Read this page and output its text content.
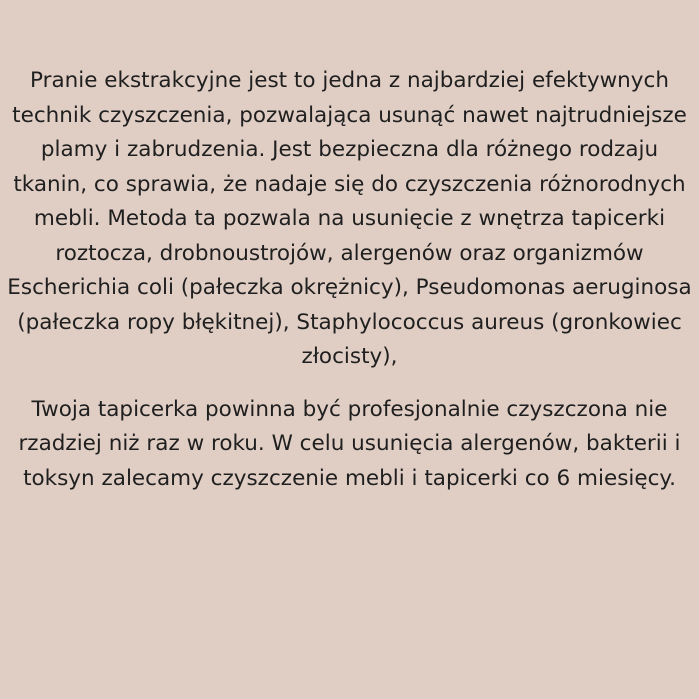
Pranie ekstrakcyjne jest to jedna z najbardziej efektywnych technik czyszczenia, pozwalająca usunąć nawet najtrudniejsze plamy i zabrudzenia. Jest bezpieczna dla różnego rodzaju tkanin, co sprawia, że nadaje się do czyszczenia różnorodnych mebli. Metoda ta pozwala na usunięcie z wnętrza tapicerki roztocza, drobnoustrojów, alergenów oraz organizmów Escherichia coli (pałeczka okrężnicy), Pseudomonas aeruginosa (pałeczka ropy błękitnej), Staphylococcus aureus (gronkowiec złocisty),

Twoja tapicerka powinna być profesjonalnie czyszczona nie rzadziej niż raz w roku. W celu usunięcia alergenów, bakterii i toksyn zalecamy czyszczenie mebli i tapicerki co 6 miesięcy.
